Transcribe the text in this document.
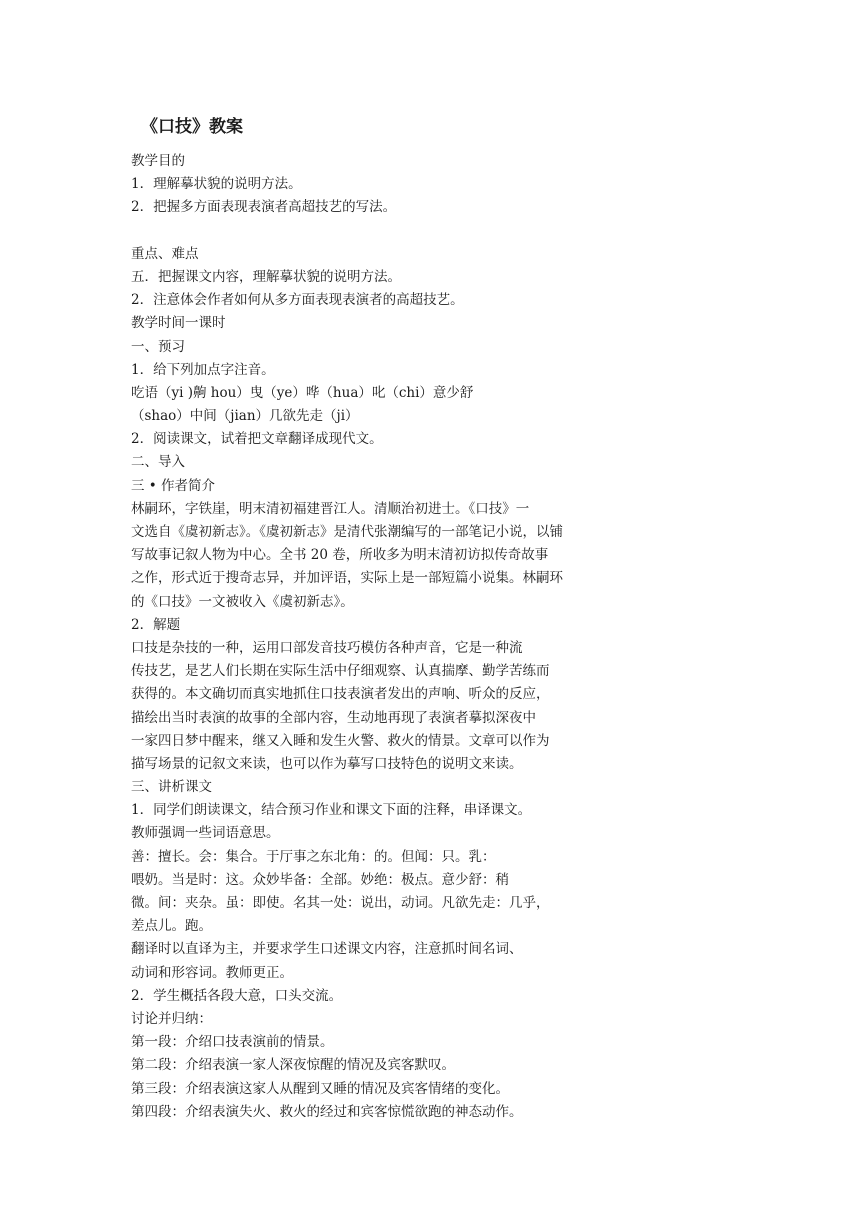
《口技》教案
教学目的
1．理解摹状貌的说明方法。
2．把握多方面表现表演者高超技艺的写法。
重点、难点
五．把握课文内容，理解摹状貌的说明方法。
2．注意体会作者如何从多方面表现表演者的高超技艺。
教学时间一课时
一、预习
1．给下列加点字注音。
吃语（yi )齁 hou）曳（ye）哗（hua）叱（chi）意少舒
（shao）中间（jian）几欲先走（ji）
2．阅读课文，试着把文章翻译成现代文。
二、导入
三 • 作者简介
林嗣环，字铁崖，明末清初福建晋江人。清顺治初进士。《口技》一
文选自《虞初新志》。《虞初新志》是清代张潮编写的一部笔记小说，以铺
写故事记叙人物为中心。全书 20 卷，所收多为明末清初访拟传奇故事
之作，形式近于搜奇志异，并加评语，实际上是一部短篇小说集。林嗣环
的《口技》一文被收入《虞初新志》。
2．解题
口技是杂技的一种，运用口部发音技巧模仿各种声音，它是一种流
传技艺，是艺人们长期在实际生活中仔细观察、认真揣摩、勤学苦练而
获得的。本文确切而真实地抓住口技表演者发出的声响、听众的反应，
描绘出当时表演的故事的全部内容，生动地再现了表演者摹拟深夜中
一家四日梦中醒来，继又入睡和发生火警、救火的情景。文章可以作为
描写场景的记叙文来读，也可以作为摹写口技特色的说明文来读。
三、讲析课文
1．同学们朗读课文，结合预习作业和课文下面的注释，串译课文。
教师强调一些词语意思。
善：擅长。会：集合。于厅事之东北角：的。但闻：只。乳：
喂奶。当是时：这。众妙毕备：全部。妙绝：极点。意少舒：稍
微。间：夹杂。虽：即使。名其一处：说出，动词。凡欲先走：几乎，
差点儿。跑。
翻译时以直译为主，并要求学生口述课文内容，注意抓时间名词、
动词和形容词。教师更正。
2．学生概括各段大意，口头交流。
讨论并归纳：
第一段：介绍口技表演前的情景。
第二段：介绍表演一家人深夜惊醒的情况及宾客默叹。
第三段：介绍表演这家人从醒到又睡的情况及宾客情绪的变化。
第四段：介绍表演失火、救火的经过和宾客惊慌欲跑的神态动作。
